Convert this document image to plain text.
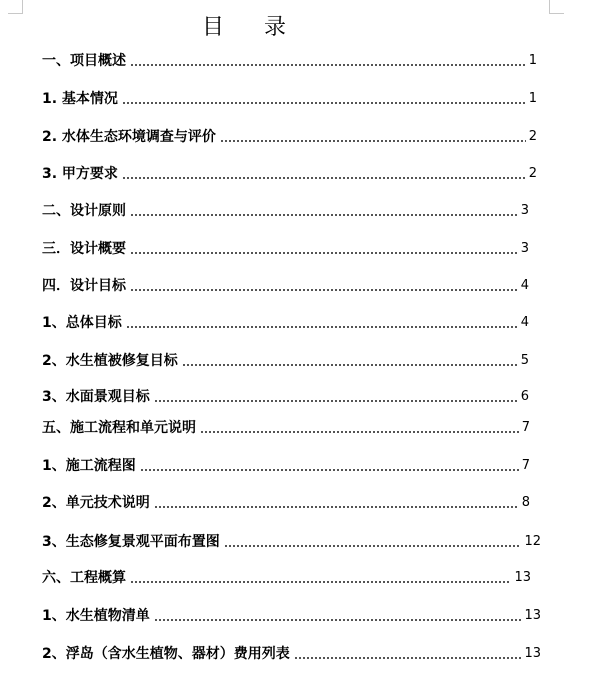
目录
一、项目概述	1
1. 基本情况	1
2. 水体生态环境调查与评价	2
3. 甲方要求	2
二、设计原则	3
三．设计概要	3
四．设计目标	4
1、总体目标	4
2、水生植被修复目标	5
3、水面景观目标	6
五、施工流程和单元说明	7
1、施工流程图	7
2、单元技术说明	8
3、生态修复景观平面布置图	12
六、工程概算	13
1、水生植物清单	13
2、浮岛（含水生植物、器材）费用列表	13
